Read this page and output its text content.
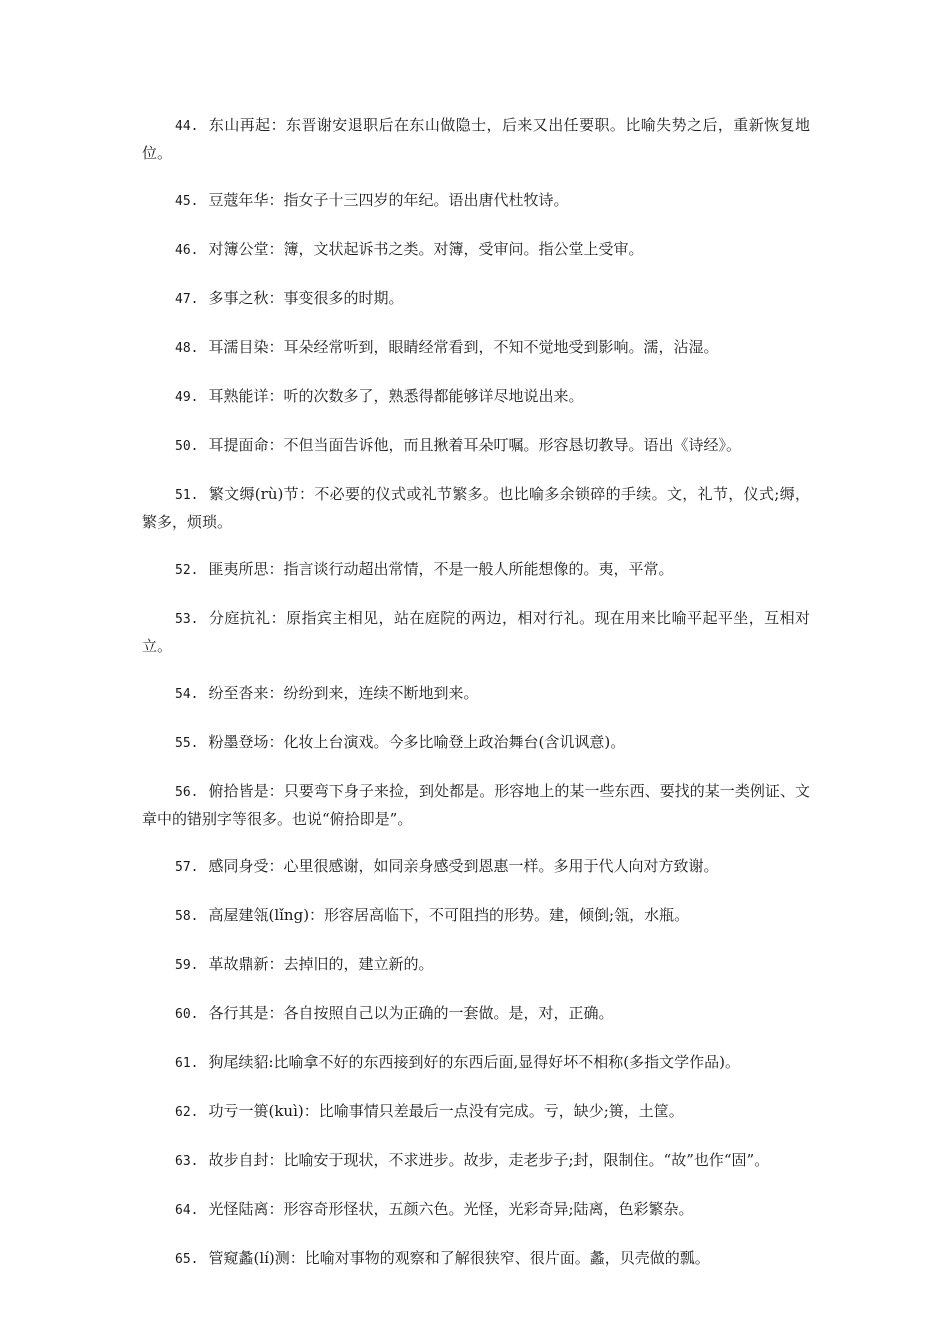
44. 东山再起：东晋谢安退职后在东山做隐士，后来又出任要职。比喻失势之后，重新恢复地位。

45. 豆蔻年华：指女子十三四岁的年纪。语出唐代杜牧诗。

46. 对簿公堂：簿，文状起诉书之类。对簿，受审问。指公堂上受审。

47. 多事之秋：事变很多的时期。

48. 耳濡目染：耳朵经常听到，眼睛经常看到，不知不觉地受到影响。濡，沾湿。

49. 耳熟能详：听的次数多了，熟悉得都能够详尽地说出来。

50. 耳提面命：不但当面告诉他，而且揪着耳朵叮嘱。形容恳切教导。语出《诗经》。

51. 繁文缛(rù)节：不必要的仪式或礼节繁多。也比喻多余锁碎的手续。文，礼节，仪式;缛，繁多，烦琐。

52. 匪夷所思：指言谈行动超出常情，不是一般人所能想像的。夷，平常。

53. 分庭抗礼：原指宾主相见，站在庭院的两边，相对行礼。现在用来比喻平起平坐，互相对立。

54. 纷至沓来：纷纷到来，连续不断地到来。

55. 粉墨登场：化妆上台演戏。今多比喻登上政治舞台(含讥讽意)。

56. 俯拾皆是：只要弯下身子来捡，到处都是。形容地上的某一些东西、要找的某一类例证、文章中的错别字等很多。也说“俯拾即是”。

57. 感同身受：心里很感谢，如同亲身感受到恩惠一样。多用于代人向对方致谢。

58. 高屋建瓴(lǐng)：形容居高临下，不可阻挡的形势。建，倾倒;瓴，水瓶。

59. 革故鼎新：去掉旧的，建立新的。

60. 各行其是：各自按照自己以为正确的一套做。是，对，正确。

61. 狗尾续貂:比喻拿不好的东西接到好的东西后面,显得好坏不相称(多指文学作品)。

62. 功亏一篑(kuì)：比喻事情只差最后一点没有完成。亏，缺少;篑，土筐。

63. 故步自封：比喻安于现状，不求进步。故步，走老步子;封，限制住。“故”也作“固”。

64. 光怪陆离：形容奇形怪状，五颜六色。光怪，光彩奇异;陆离，色彩繁杂。

65. 管窥蠡(lí)测：比喻对事物的观察和了解很狭窄、很片面。蠡，贝壳做的瓢。
